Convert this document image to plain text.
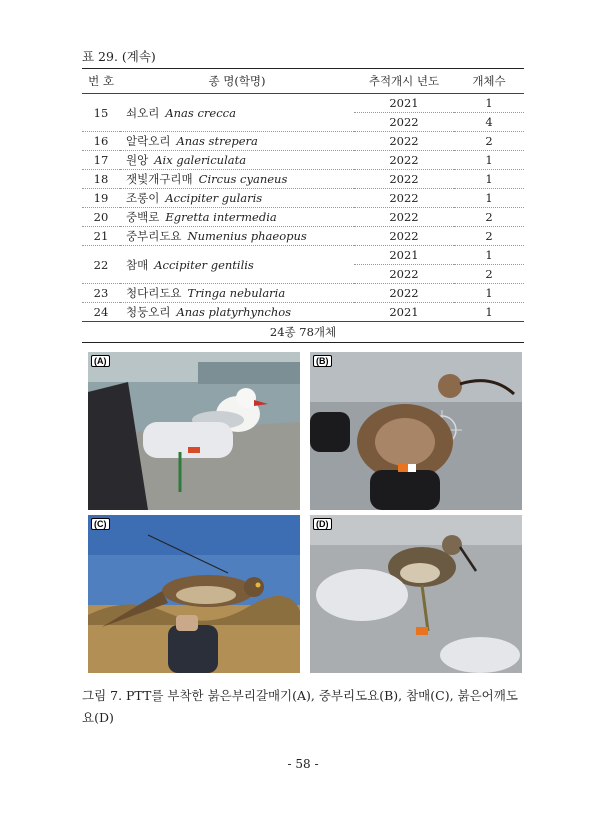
표 29. (계속)
번 호	종 명(학명)	추적개시 년도	개체수
15	쇠오리 Anas crecca	2021	1
		2022	4
16	알락오리 Anas strepera	2022	2
17	원앙 Aix galericulata	2022	1
18	잿빛개구리매 Circus cyaneus	2022	1
19	조롱이 Accipiter gularis	2022	1
20	중백로 Egretta intermedia	2022	2
21	중부리도요 Numenius phaeopus	2022	2
22	참매 Accipiter gentilis	2021	1
		2022	2
23	청다리도요 Tringa nebularia	2022	1
24	청둥오리 Anas platyrhynchos	2021	1
24종 78개체			
(A)	(B)
(C)	(D)
그림 7. PTT를 부착한 붉은부리갈매기(A), 중부리도요(B), 참매(C), 붉은어깨도요(D)
- 58 -
